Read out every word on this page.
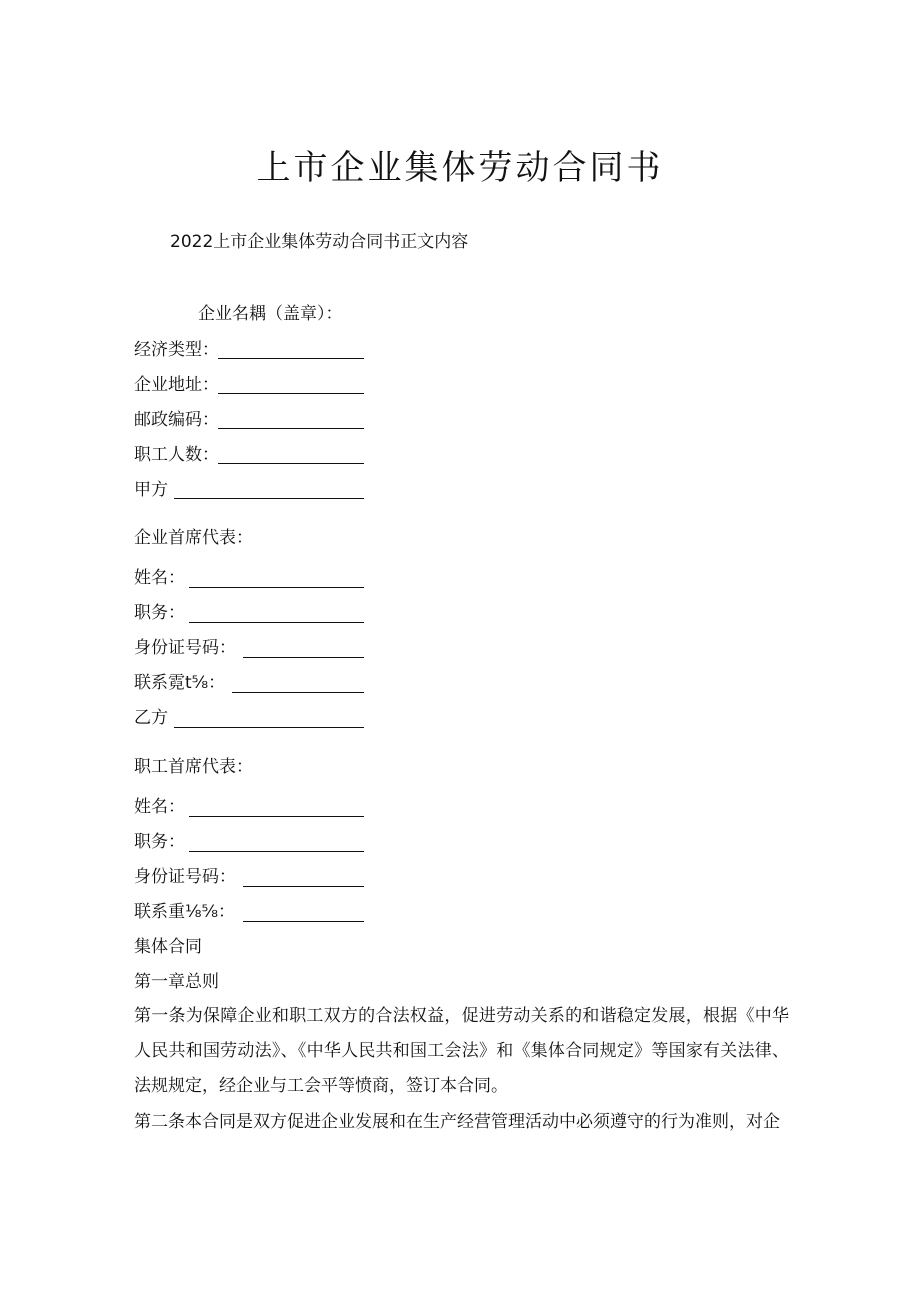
上市企业集体劳动合同书
2022上市企业集体劳动合同书正文内容
企业名耦（盖章）：
经济类型：
企业地址：
邮政编码：
职工人数：
甲方
企业首席代表：
姓名：
职务：
身份证号码：
联系霓t⅝：
乙方
职工首席代表：
姓名：
职务：
身份证号码：
联系重⅛⅝：
集体合同
第一章总则
第一条为保障企业和职工双方的合法权益，促进劳动关系的和谐稳定发展，根据《中华人民共和国劳动法》、《中华人民共和国工会法》和《集体合同规定》等国家有关法律、法规规定，经企业与工会平等愤商，签订本合同。
第二条本合同是双方促进企业发展和在生产经营管理活动中必须遵守的行为准则，对企
